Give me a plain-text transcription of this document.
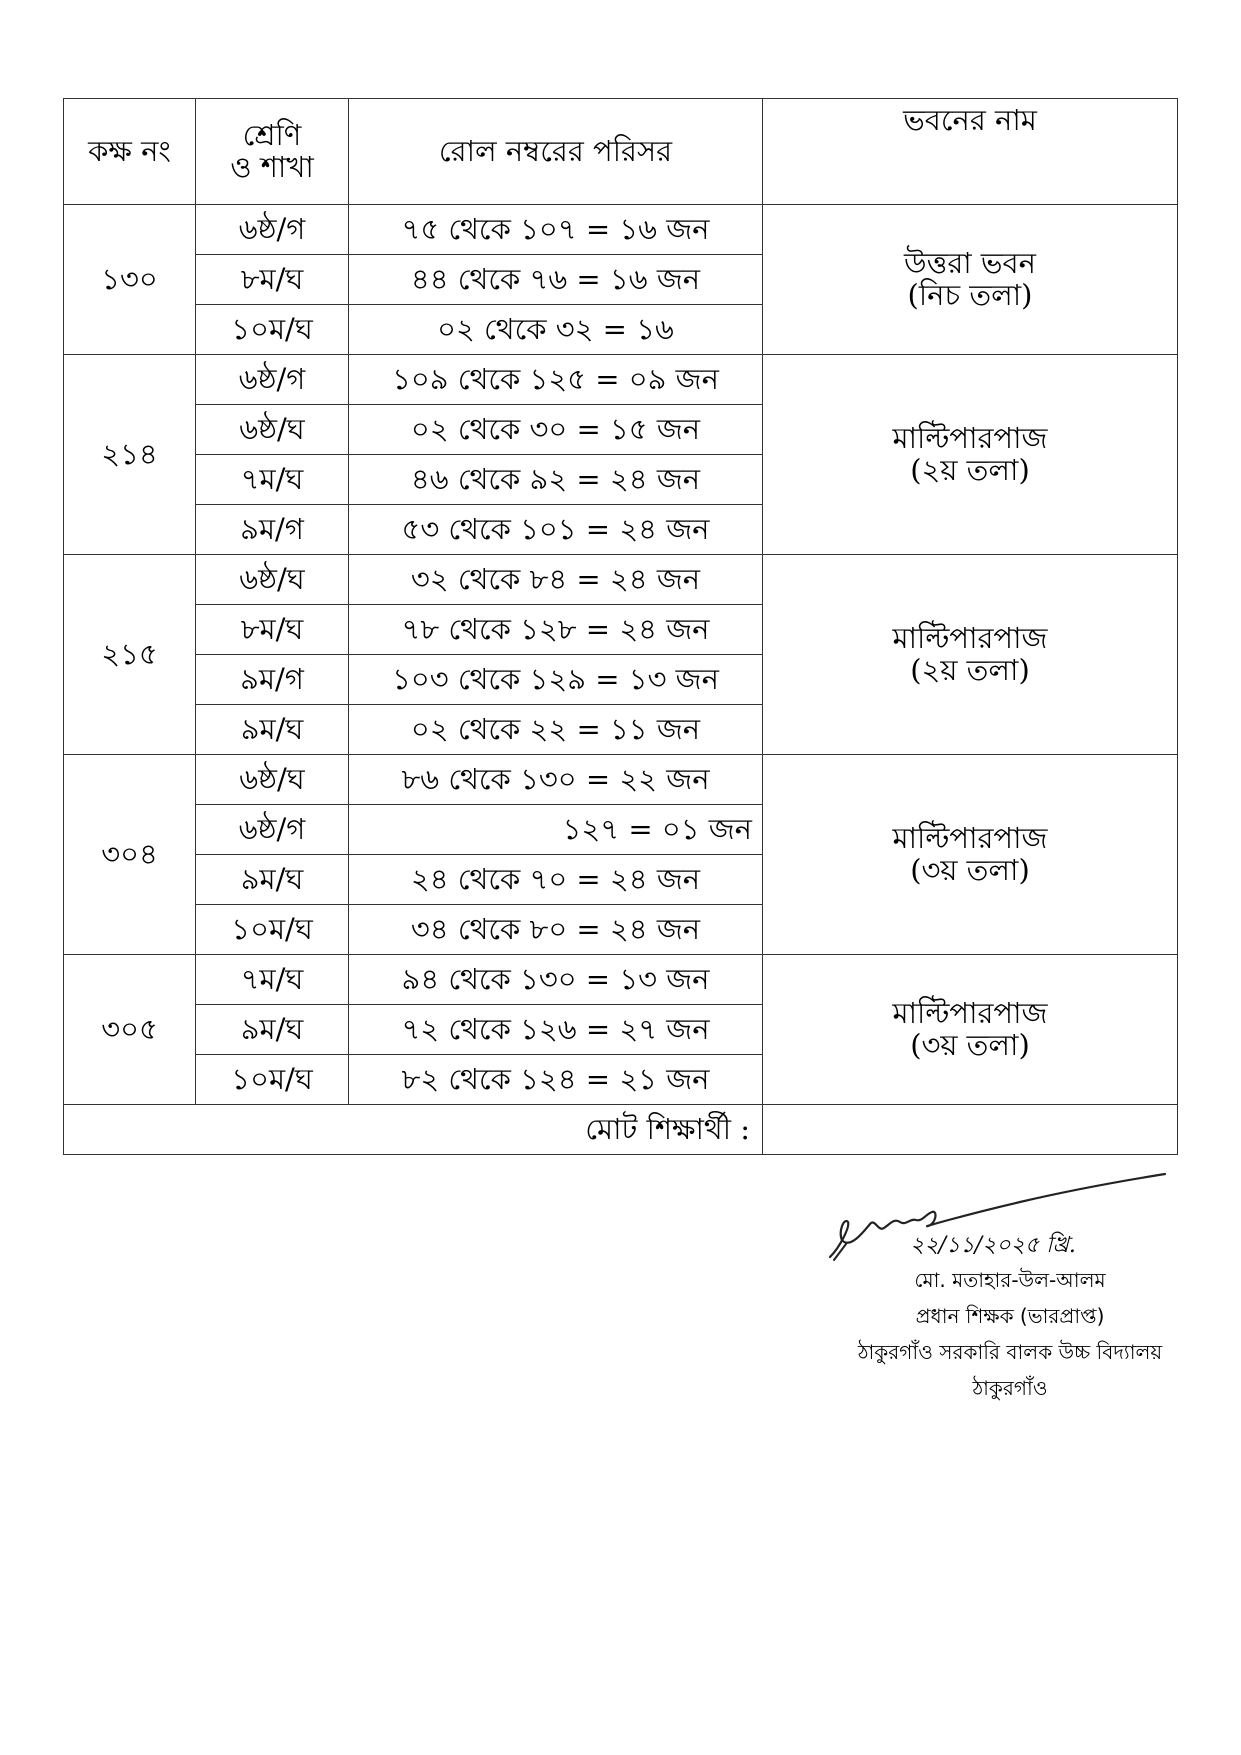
কক্ষ নং	শ্রেণি
ও শাখা	রোল নম্বরের পরিসর	ভবনের নাম
১৩০	৬ষ্ঠ/গ	৭৫ থেকে ১০৭ = ১৬ জন	উত্তরা ভবন
(নিচ তলা)

	৮ম/ঘ	৪৪ থেকে ৭৬ = ১৬ জন	
	১০ম/ঘ	০২ থেকে ৩২ = ১৬	
২১৪	৬ষ্ঠ/গ	১০৯ থেকে ১২৫ = ০৯ জন	মাল্টিপারপাজ
(২য় তলা)

	৬ষ্ঠ/ঘ	০২ থেকে ৩০ = ১৫ জন	
	৭ম/ঘ	৪৬ থেকে ৯২ = ২৪ জন	
	৯ম/গ	৫৩ থেকে ১০১ = ২৪ জন	
২১৫	৬ষ্ঠ/ঘ	৩২ থেকে ৮৪ = ২৪ জন	মাল্টিপারপাজ
(২য় তলা)

	৮ম/ঘ	৭৮ থেকে ১২৮ = ২৪ জন	
	৯ম/গ	১০৩ থেকে ১২৯ = ১৩ জন	
	৯ম/ঘ	০২ থেকে ২২ = ১১ জন	
৩০৪	৬ষ্ঠ/ঘ	৮৬ থেকে ১৩০ = ২২ জন	মাল্টিপারপাজ
(৩য় তলা)

	৬ষ্ঠ/গ	১২৭ = ০১ জন	
	৯ম/ঘ	২৪ থেকে ৭০ = ২৪ জন	
	১০ম/ঘ	৩৪ থেকে ৮০ = ২৪ জন	
৩০৫	৭ম/ঘ	৯৪ থেকে ১৩০ = ১৩ জন	মাল্টিপারপাজ
(৩য় তলা)

	৯ম/ঘ	৭২ থেকে ১২৬ = ২৭ জন	
	১০ম/ঘ	৮২ থেকে ১২৪ = ২১ জন	
মোট শিক্ষার্থী :			
২২/১১/২০২৫ খ্রি.
মো. মতাহার-উল-আলম
প্রধান শিক্ষক (ভারপ্রাপ্ত)
ঠাকুরগাঁও সরকারি বালক উচ্চ বিদ্যালয়
ঠাকুরগাঁও
